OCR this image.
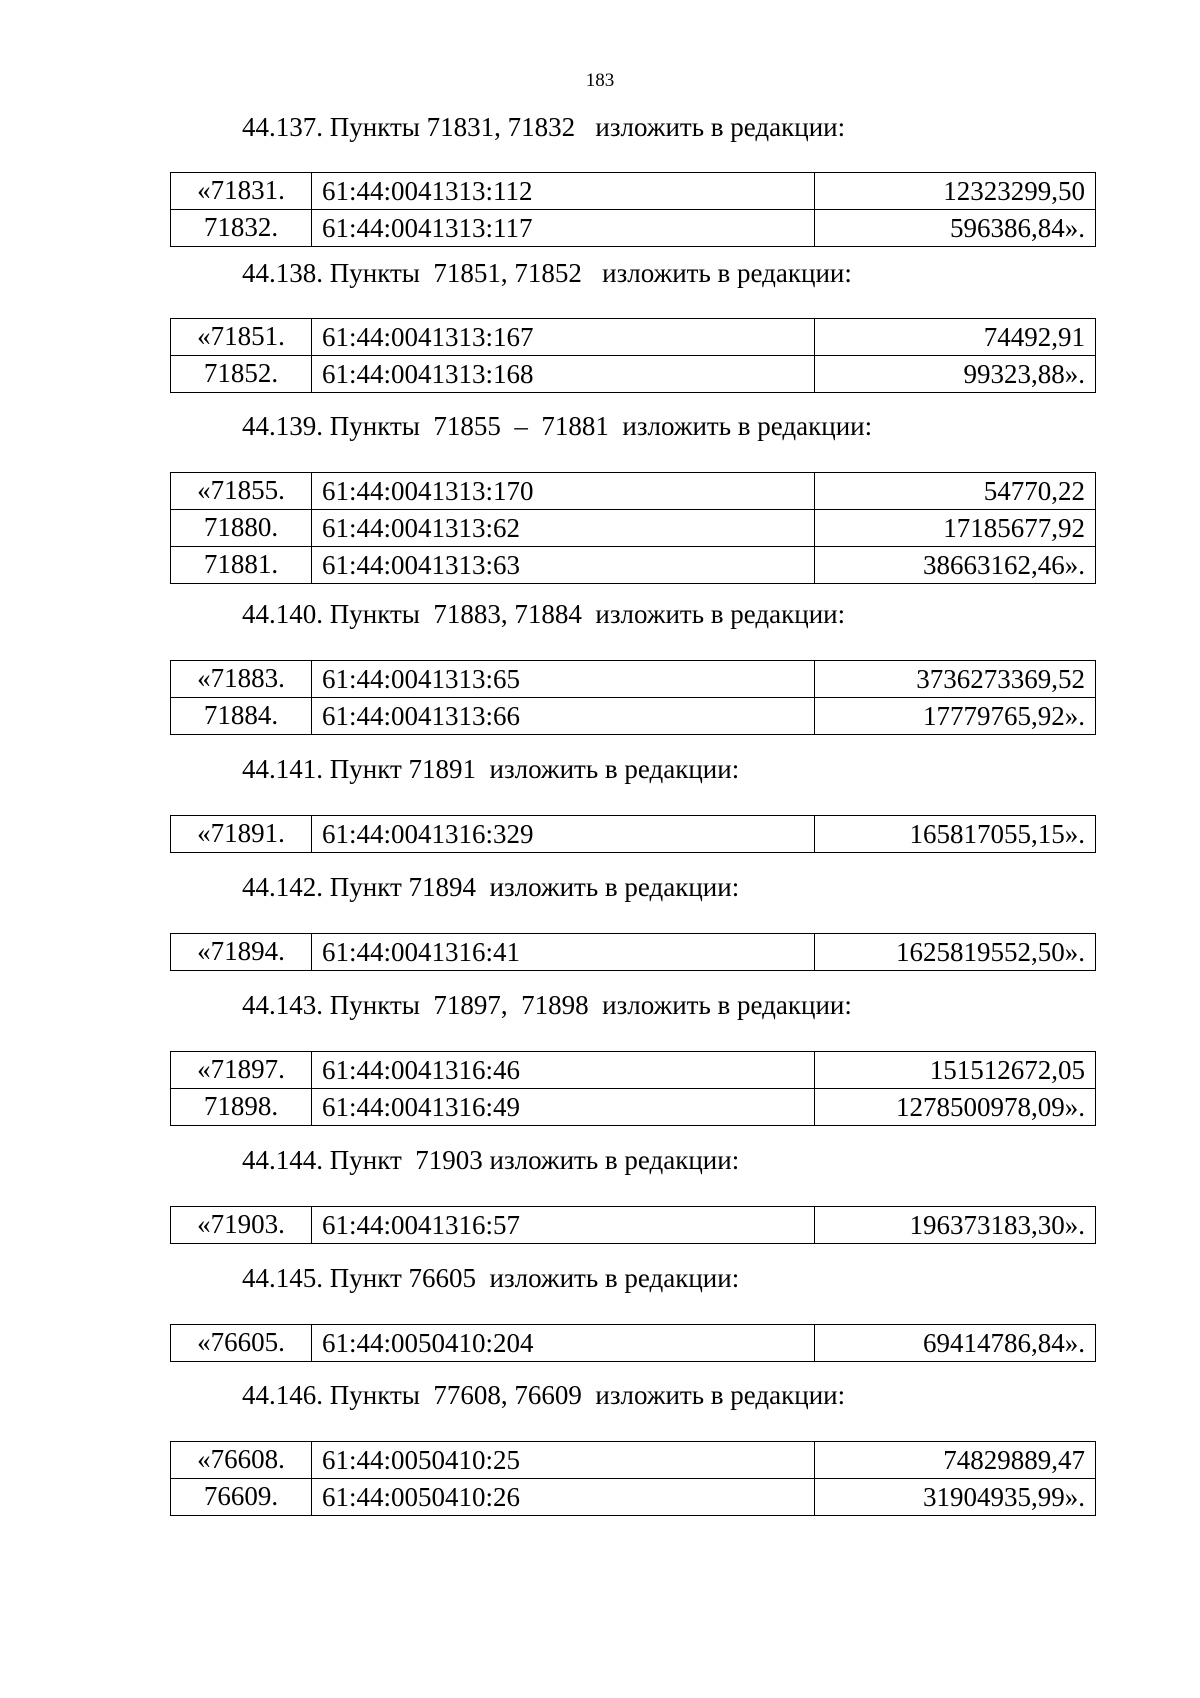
183
44.137. Пункты 71831, 71832   изложить в редакции:
«71831.	61:44:0041313:112	12323299,50
71832.	61:44:0041313:117	596386,84».
44.138. Пункты  71851, 71852   изложить в редакции:
«71851.	61:44:0041313:167	74492,91
71852.	61:44:0041313:168	99323,88».
44.139. Пункты  71855  –  71881  изложить в редакции:
«71855.	61:44:0041313:170	54770,22
71880.	61:44:0041313:62	17185677,92
71881.	61:44:0041313:63	38663162,46».
44.140. Пункты  71883, 71884  изложить в редакции:
«71883.	61:44:0041313:65	3736273369,52
71884.	61:44:0041313:66	17779765,92».
44.141. Пункт 71891  изложить в редакции:
«71891.	61:44:0041316:329	165817055,15».
44.142. Пункт 71894  изложить в редакции:
«71894.	61:44:0041316:41	1625819552,50».
44.143. Пункты  71897,  71898  изложить в редакции:
«71897.	61:44:0041316:46	151512672,05
71898.	61:44:0041316:49	1278500978,09».
44.144. Пункт  71903 изложить в редакции:
«71903.	61:44:0041316:57	196373183,30».
44.145. Пункт 76605  изложить в редакции:
«76605.	61:44:0050410:204	69414786,84».
44.146. Пункты  77608, 76609  изложить в редакции:
«76608.	61:44:0050410:25	74829889,47
76609.	61:44:0050410:26	31904935,99».
